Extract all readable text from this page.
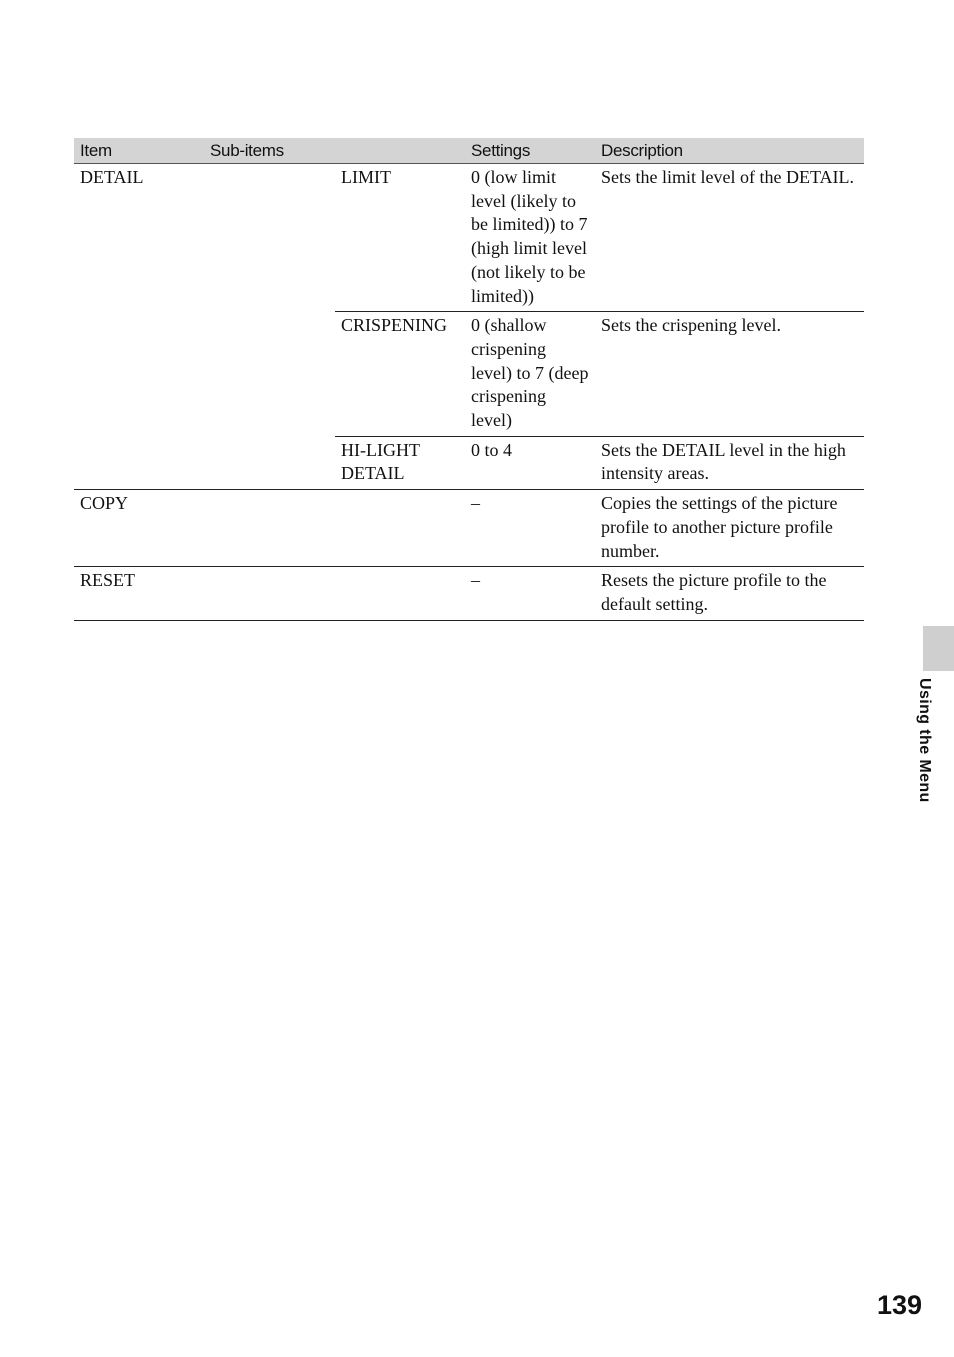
Item	Sub-items		Settings	Description
DETAIL		LIMIT	0 (low limit level (likely to be limited)) to 7 (high limit level (not likely to be limited))	Sets the limit level of the DETAIL.
		CRISPENING	0 (shallow crispening level) to 7 (deep crispening level)	Sets the crispening level.
		HI-LIGHT DETAIL	0 to 4	Sets the DETAIL level in the high intensity areas.
COPY			–	Copies the settings of the picture profile to another picture profile number.
RESET			–	Resets the picture profile to the default setting.
Using the Menu
139
